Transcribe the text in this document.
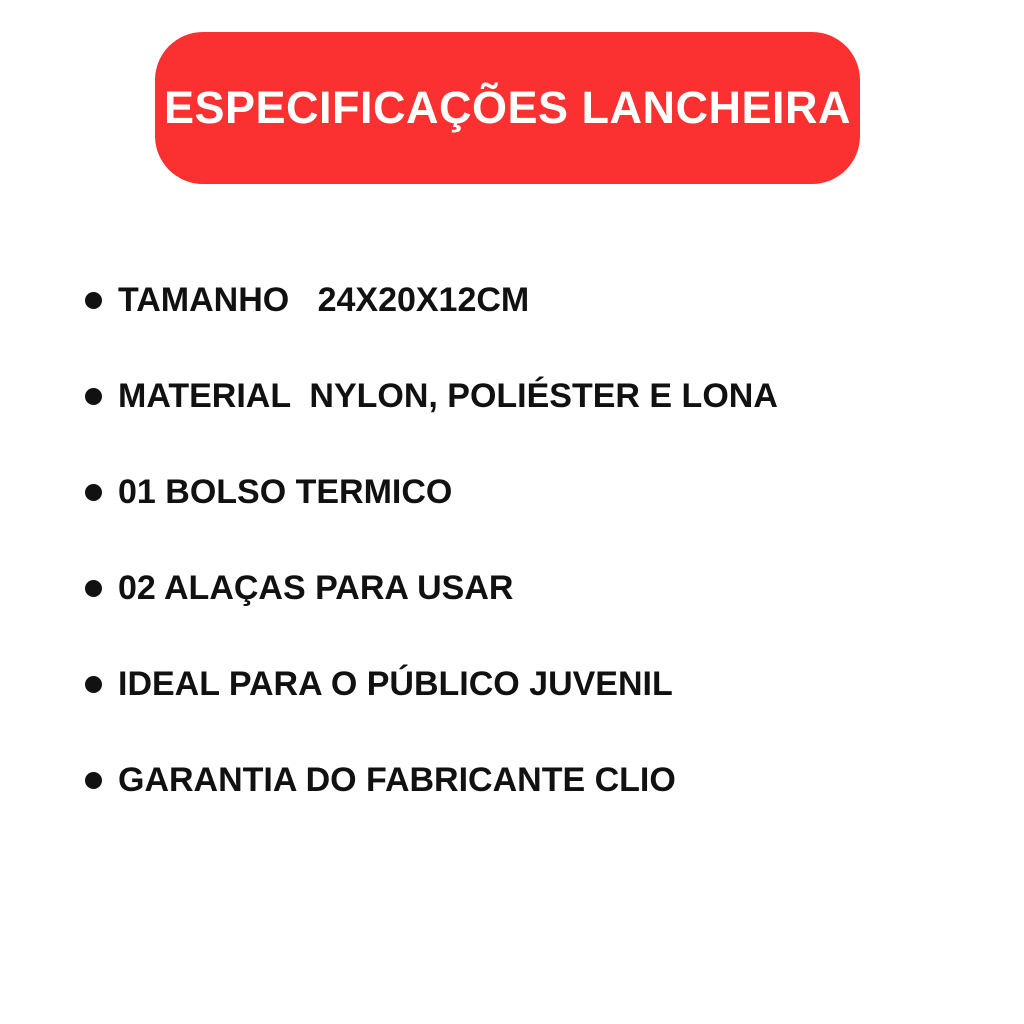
ESPECIFICAÇÕES LANCHEIRA
TAMANHO   24X20X12CM
MATERIAL  NYLON, POLIÉSTER E LONA
01 BOLSO TERMICO
02 ALAÇAS PARA USAR
IDEAL PARA O PÚBLICO JUVENIL
GARANTIA DO FABRICANTE CLIO
